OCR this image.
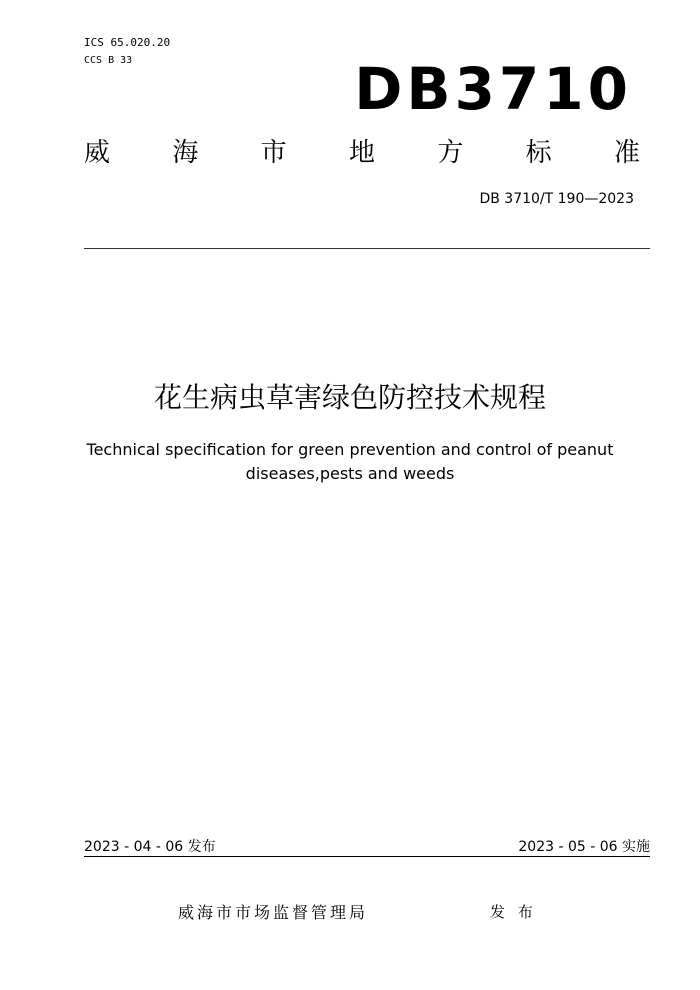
ICS 65.020.20
CCS B 33	DB3710
威 海 市 地 方 标 准
DB 3710/T 190—2023
花生病虫草害绿色防控技术规程
Technical specification for green prevention and control of peanut
diseases,pests and weeds
2023 - 04 - 06 发布	2023 - 05 - 06 实施
威海市市场监督管理局	发 布
